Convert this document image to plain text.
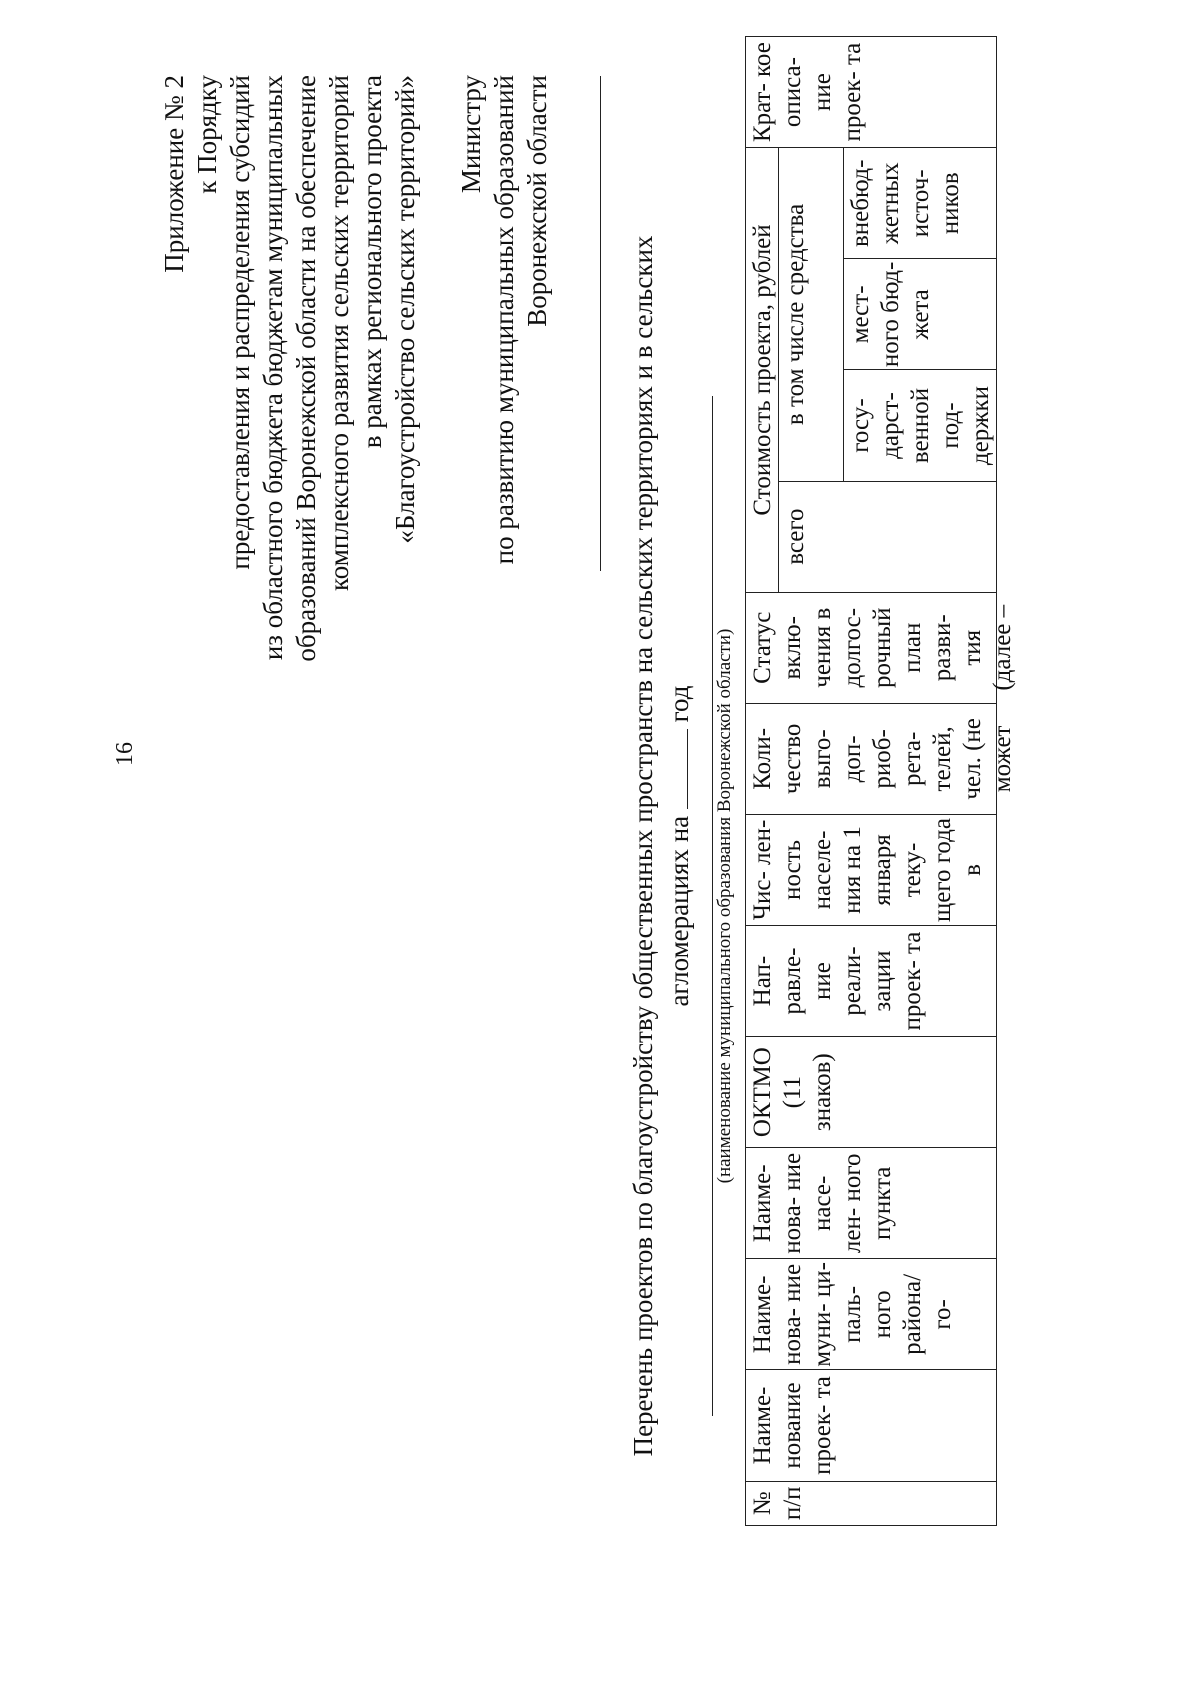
16
Приложение № 2 к Порядку предоставления и распределения субсидий из областного бюджета бюджетам муниципальных образований Воронежской области на обеспечение комплексного развития сельских территорий в рамках регионального проекта «Благоустройство сельских территорий» Министру по развитию муниципальных образований Воронежской области
Перечень проектов по благоустройству общественных пространств на сельских территориях и в сельских агломерациях на  год (наименование муниципального образования Воронежской области)
№ п/п	Наиме- нование проек- та	Наиме- нова- ние муни- ци- паль- ного района/ го-	Наиме- нова- ние насе- лен- ного пункта	ОКТМО (11 знаков)	Нап- равле- ние реали- зации проек- та	Чис- лен- ность населе- ния на 1 января теку- щего года в	Коли- чество выго- доп- риоб- рета- телей, чел. (не может	Статус вклю- чения в долгос- рочный план разви- тия (далее –	Стоимость проекта, рублей				Крат- кое описа- ние проек- та

									всего	в том числе средства			

										госу- дарст- венной под- держки	мест- ного бюд- жета	внебюд- жетных источ- ников	
